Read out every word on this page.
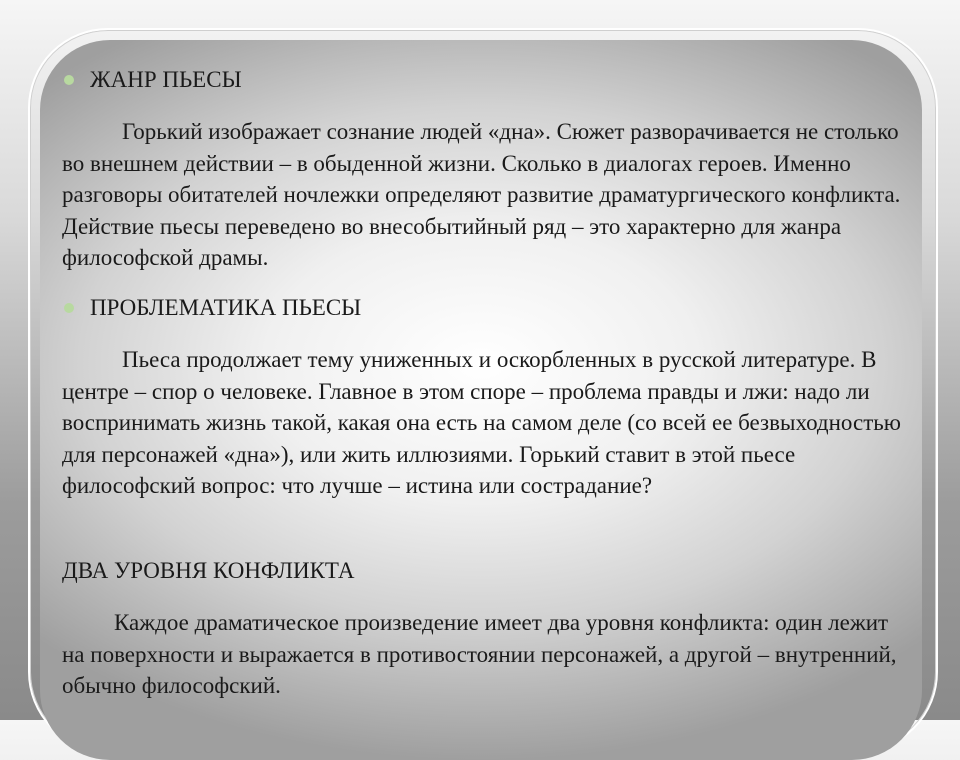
ЖАНР ПЬЕСЫ

Горький изображает сознание людей «дна». Сюжет разворачивается не столько во внешнем действии – в обыденной жизни. Сколько в диалогах героев. Именно разговоры обитателей ночлежки определяют развитие драматургического конфликта. Действие пьесы переведено во внесобытийный ряд – это характерно для жанра философской драмы.

ПРОБЛЕМАТИКА ПЬЕСЫ

Пьеса продолжает тему униженных и оскорбленных в русской литературе. В центре – спор о человеке. Главное в этом споре – проблема правды и лжи: надо ли воспринимать жизнь такой, какая она есть на самом деле (со всей ее безвыходностью для персонажей «дна»), или жить иллюзиями. Горький ставит в этой пьесе философский вопрос: что лучше – истина или сострадание?

ДВА УРОВНЯ КОНФЛИКТА

Каждое драматическое произведение имеет два уровня конфликта: один лежит на поверхности и выражается в противостоянии персонажей, а другой – внутренний, обычно философский.
